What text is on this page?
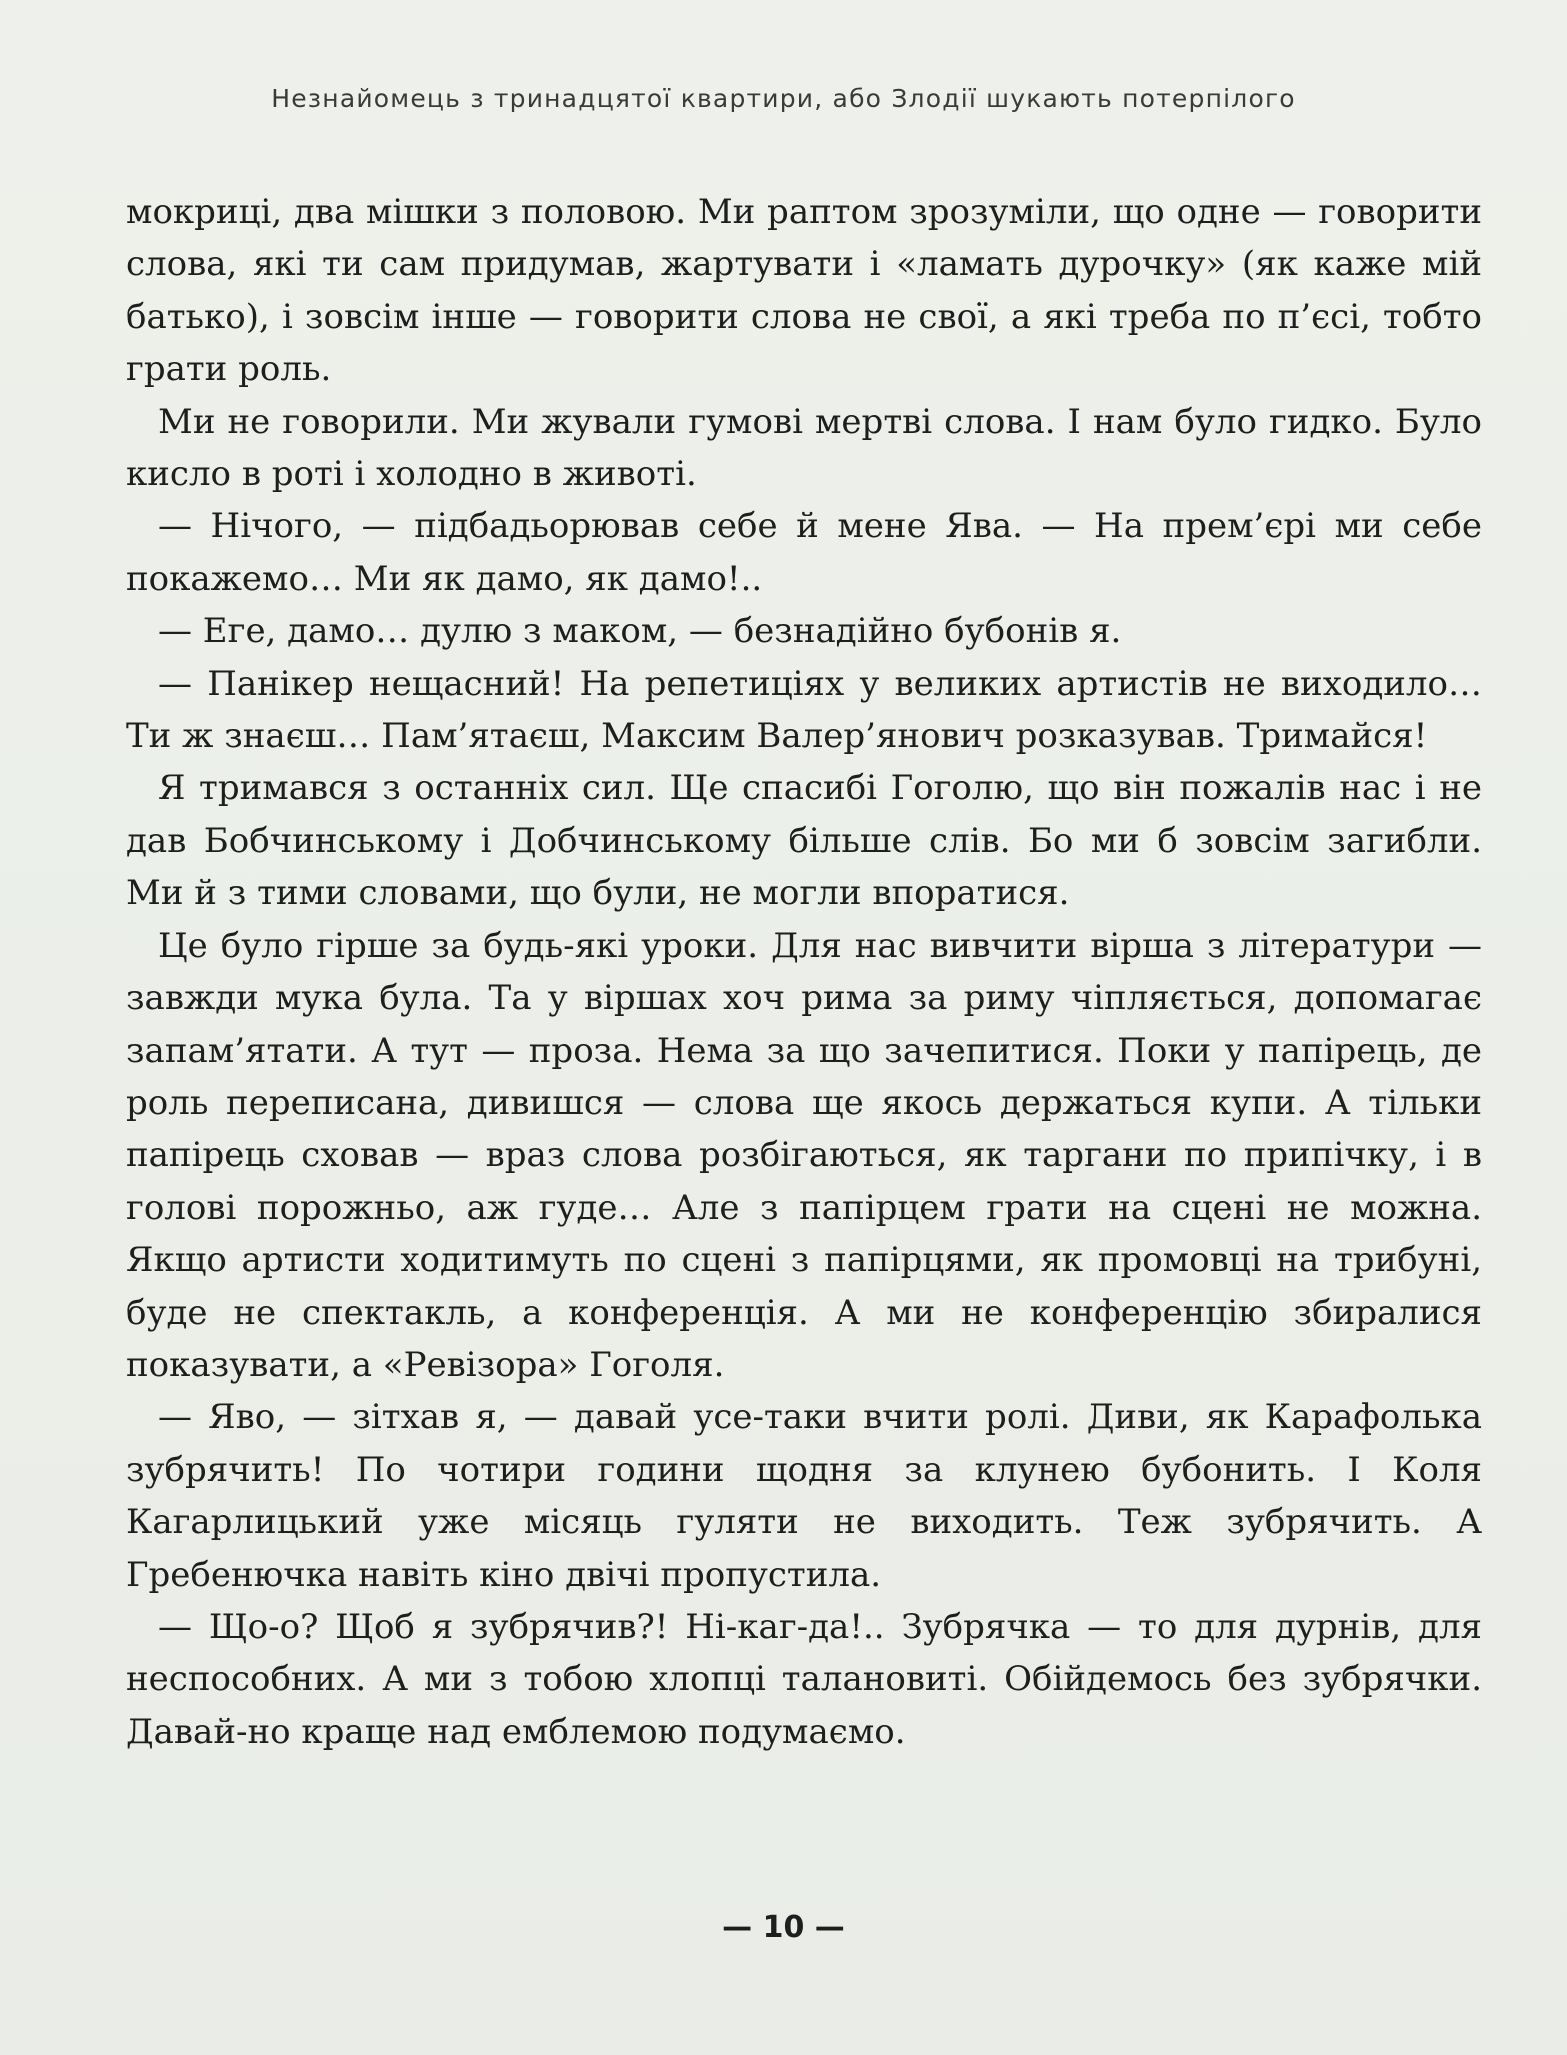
Незнайомець з тринадцятої квартири, або Злодії шукають потерпілого

мокриці, два мішки з половою. Ми раптом зрозуміли, що одне — говорити слова, які ти сам придумав, жартувати і «ламать дурочку» (як каже мій батько), і зовсім інше — говорити слова не свої, а які треба по п’єсі, тобто грати роль.

Ми не говорили. Ми жували гумові мертві слова. І нам було гидко. Було кисло в роті і холодно в животі.

— Нічого, — підбадьорював себе й мене Ява. — На прем’єрі ми себе покажемо… Ми як дамо, як дамо!..

— Еге, дамо… дулю з маком, — безнадійно бубонів я.

— Панікер нещасний! На репетиціях у великих артистів не виходило… Ти ж знаєш… Пам’ятаєш, Максим Валер’янович розказував. Тримайся!

Я тримався з останніх сил. Ще спасибі Гоголю, що він пожалів нас і не дав Бобчинському і Добчинському більше слів. Бо ми б зовсім загибли. Ми й з тими словами, що були, не могли впоратися.

Це було гірше за будь-які уроки. Для нас вивчити вірша з літератури — завжди мука була. Та у віршах хоч рима за риму чіпляється, допомагає запам’ятати. А тут — проза. Нема за що зачепитися. Поки у папірець, де роль переписана, дивишся — слова ще якось держаться купи. А тільки папірець сховав — враз слова розбігаються, як таргани по припічку, і в голові порожньо, аж гуде… Але з папірцем грати на сцені не можна. Якщо артисти ходитимуть по сцені з папірцями, як промовці на трибуні, буде не спектакль, а конференція. А ми не конференцію збиралися показувати, а «Ревізора» Гоголя.

— Яво, — зітхав я, — давай усе-таки вчити ролі. Диви, як Карафолька зубрячить! По чотири години щодня за клунею бубонить. І Коля Кагарлицький уже місяць гуляти не виходить. Теж зубрячить. А Гребенючка навіть кіно двічі пропустила.

— Що-о? Щоб я зубрячив?! Ні-каг-да!.. Зубрячка — то для дурнів, для неспособних. А ми з тобою хлопці талановиті. Обійдемось без зубрячки. Давай-но краще над емблемою подумаємо.

— 10 —
